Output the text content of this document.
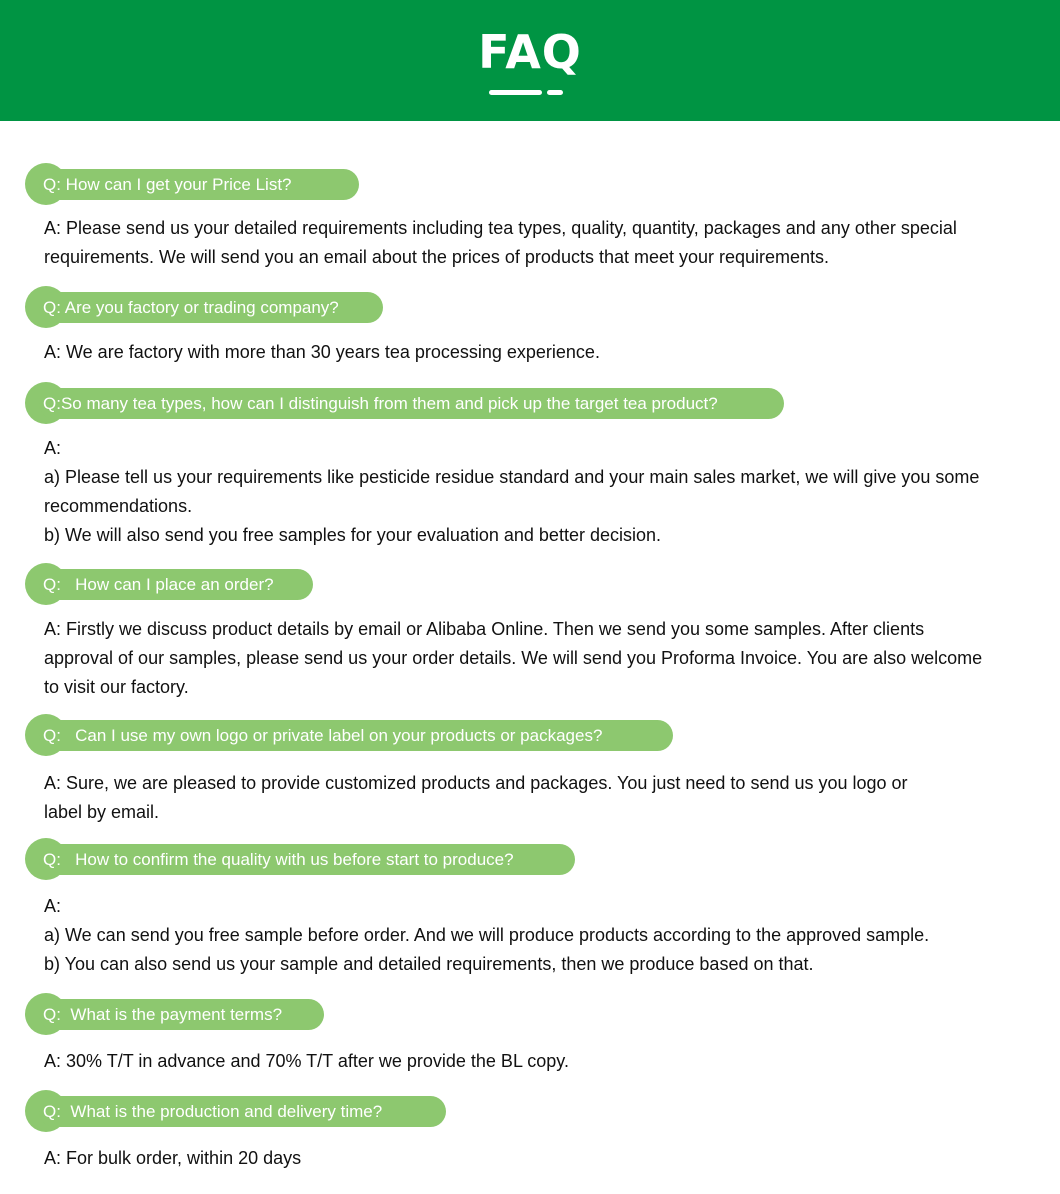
FAQ
Q: How can I get your Price List?
A: Please send us your detailed requirements including tea types, quality, quantity, packages and any other special
requirements. We will send you an email about the prices of products that meet your requirements.
Q: Are you factory or trading company?
A: We are factory with more than 30 years tea processing experience.
Q:So many tea types, how can I distinguish from them and pick up the target tea product?
A:
a) Please tell us your requirements like pesticide residue standard and your main sales market, we will give you some
recommendations.
b) We will also send you free samples for your evaluation and better decision.
Q:   How can I place an order?
A: Firstly we discuss product details by email or Alibaba Online. Then we send you some samples. After clients
approval of our samples, please send us your order details. We will send you Proforma Invoice. You are also welcome
to visit our factory.
Q:   Can I use my own logo or private label on your products or packages?
A: Sure, we are pleased to provide customized products and packages. You just need to send us you logo or
label by email.
Q:   How to confirm the quality with us before start to produce?
A:
a) We can send you free sample before order. And we will produce products according to the approved sample.
b) You can also send us your sample and detailed requirements, then we produce based on that.
Q:  What is the payment terms?
A: 30% T/T in advance and 70% T/T after we provide the BL copy.
Q:  What is the production and delivery time?
A: For bulk order, within 20 days
